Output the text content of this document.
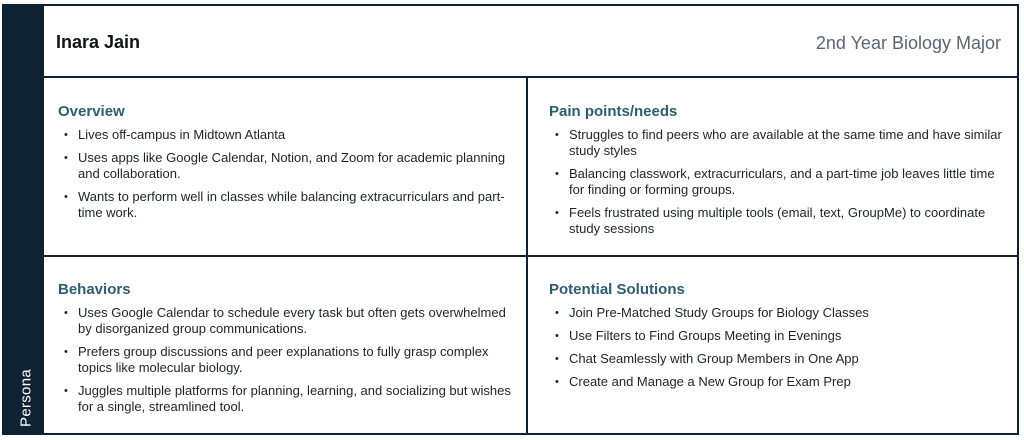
Persona
Inara Jain	2nd Year Biology Major
Overview
• Lives off-campus in Midtown Atlanta
• Uses apps like Google Calendar, Notion, and Zoom for academic planning and collaboration.
• Wants to perform well in classes while balancing extracurriculars and part-time work.
Pain points/needs
• Struggles to find peers who are available at the same time and have similar study styles
• Balancing classwork, extracurriculars, and a part-time job leaves little time for finding or forming groups.
• Feels frustrated using multiple tools (email, text, GroupMe) to coordinate study sessions
Behaviors
• Uses Google Calendar to schedule every task but often gets overwhelmed by disorganized group communications.
• Prefers group discussions and peer explanations to fully grasp complex topics like molecular biology.
• Juggles multiple platforms for planning, learning, and socializing but wishes for a single, streamlined tool.
Potential Solutions
• Join Pre-Matched Study Groups for Biology Classes
• Use Filters to Find Groups Meeting in Evenings
• Chat Seamlessly with Group Members in One App
• Create and Manage a New Group for Exam Prep
